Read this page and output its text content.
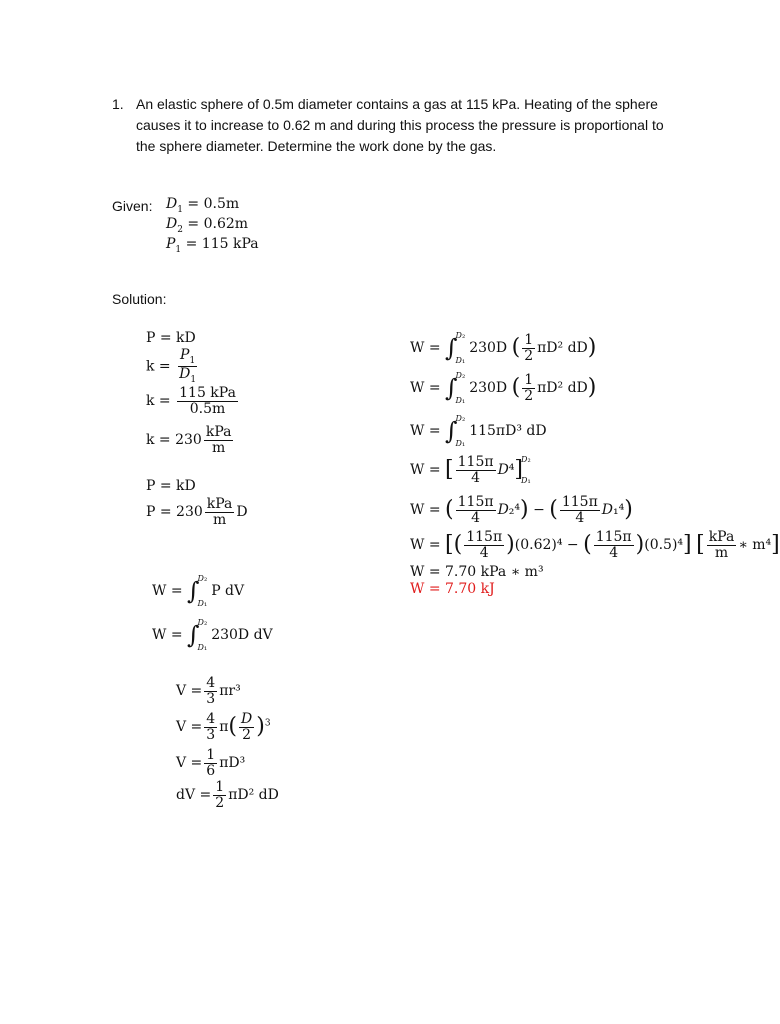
1. An elastic sphere of 0.5m diameter contains a gas at 115 kPa. Heating of the sphere
causes it to increase to 0.62 m and during this process the pressure is proportional to
the sphere diameter. Determine the work done by the gas.
Given: $D_1 = 0.5m$
$D_2 = 0.62m$
$P_1 = 115$ kPa
Solution:
P = kD
$k = \frac{P_1}{D_1}$
$k = \frac{\text{115 kPa}}{0.5m}$
$k = 230 \frac{\text{kPa}}{m}$
P = kD
$P = 230 \frac{\text{kPa}}{m}$ D
W = ∫
D₂
D₁
P dV
W = ∫
D₂
D₁
230D dV
$V = \frac{4}{3} \pi r^3$
$V = \frac{4}{3} \pi( \frac{D}{2} )^3$
$V = \frac{1}{6} \pi D^3$
dV = $\frac{1}{2} \pi D^2$ dD
W = ∫
D₂
D₁
230D ( $\frac{1}{2} \pi D^2$ dD)
W = ∫
D₂
D₁
230D ( $\frac{1}{2} \pi D^2$ dD)
W = ∫
D₂
D₁
115πD³ dD
W = [ $\frac{115\pi}{4} D^4$]
D₂
D₁
W = ( $\frac{115\pi}{4} D_2^4$) − ( $\frac{115\pi}{4} D_1^4$)
W = [( $\frac{115\pi}{4} )(0.62)^4$ − ( $\frac{115\pi}{4} )(0.5)^4$] [ $\frac{\text{kPa}}{m}$ ∗ m⁴]
W = 7.70 kPa ∗ m³
W = 7.70 kJ
